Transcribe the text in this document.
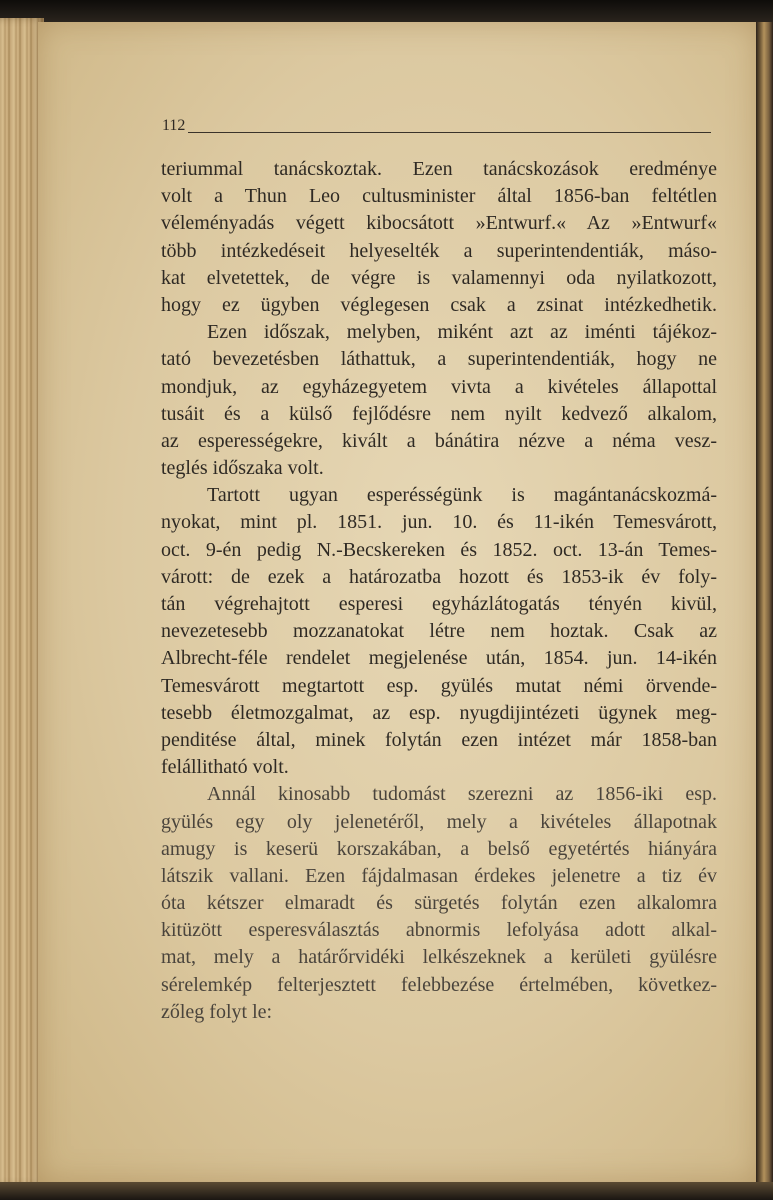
112
teriummal tanácskoztak. Ezen tanácskozások eredménye
volt a Thun Leo cultusminister által 1856-ban feltétlen
véleményadás végett kibocsátott »Entwurf.« Az »Entwurf«
több intézkedéseit helyeselték a superintendentiák, máso-
kat elvetettek, de végre is valamennyi oda nyilatkozott,
hogy ez ügyben véglegesen csak a zsinat intézkedhetik.
Ezen időszak, melyben, miként azt az iménti tájékoz-
tató bevezetésben láthattuk, a superintendentiák, hogy ne
mondjuk, az egyházegyetem vivta a kivételes állapottal
tusáit és a külső fejlődésre nem nyilt kedvező alkalom,
az esperességekre, kivált a bánátira nézve a néma vesz-
teglés időszaka volt.
Tartott ugyan esperésségünk is magántanácskozmá-
nyokat, mint pl. 1851. jun. 10. és 11-ikén Temesvárott,
oct. 9-én pedig N.-Becskereken és 1852. oct. 13-án Temes-
várott: de ezek a határozatba hozott és 1853-ik év foly-
tán végrehajtott esperesi egyházlátogatás tényén kivül,
nevezetesebb mozzanatokat létre nem hoztak. Csak az
Albrecht-féle rendelet megjelenése után, 1854. jun. 14-ikén
Temesvárott megtartott esp. gyülés mutat némi örvende-
tesebb életmozgalmat, az esp. nyugdijintézeti ügynek meg-
penditése által, minek folytán ezen intézet már 1858-ban
felállitható volt.
Annál kinosabb tudomást szerezni az 1856-iki esp.
gyülés egy oly jelenetéről, mely a kivételes állapotnak
amugy is keserü korszakában, a belső egyetértés hiányára
látszik vallani. Ezen fájdalmasan érdekes jelenetre a tiz év
óta kétszer elmaradt és sürgetés folytán ezen alkalomra
kitüzött esperesválasztás abnormis lefolyása adott alkal-
mat, mely a határőrvidéki lelkészeknek a kerületi gyülésre
sérelemkép felterjesztett felebbezése értelmében, következ-
zőleg folyt le:
